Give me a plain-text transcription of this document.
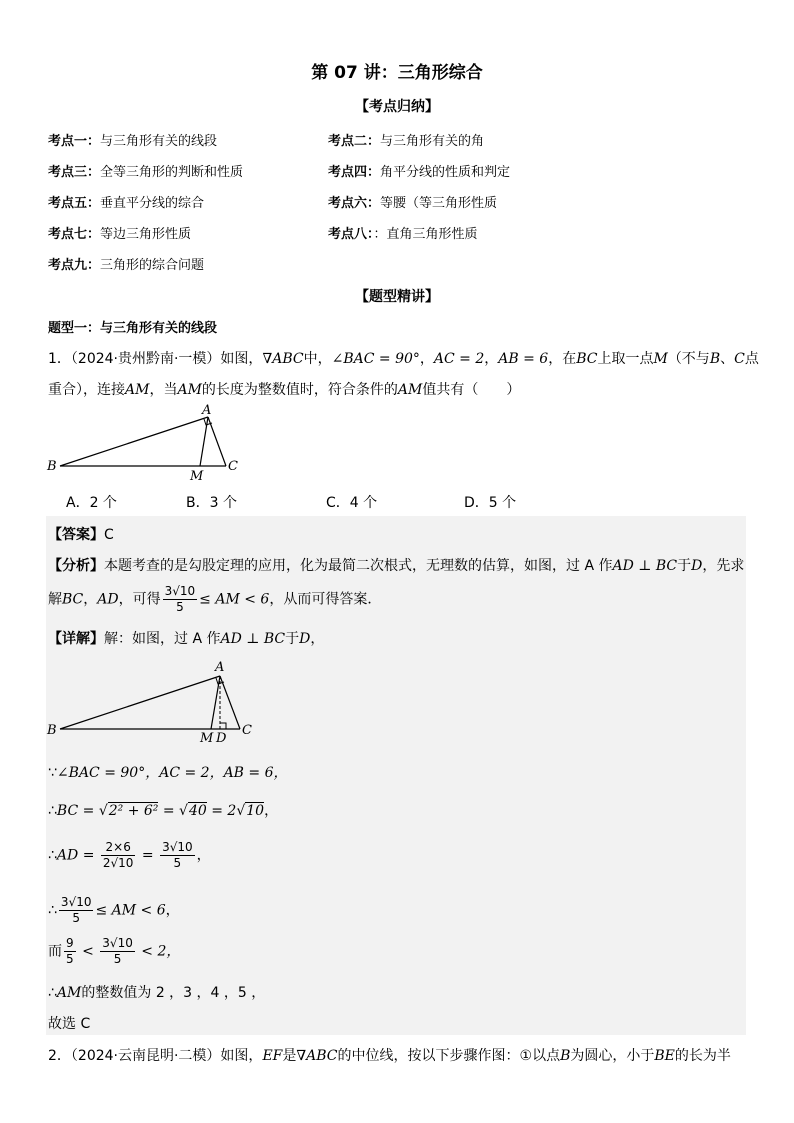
第 07 讲：三角形综合
【考点归纳】
考点一：与三角形有关的线段	考点二：与三角形有关的角
考点三：全等三角形的判断和性质	考点四：角平分线的性质和判定
考点五：垂直平分线的综合	考点六：等腰（等三角形性质
考点七：等边三角形性质	考点八：：直角三角形性质
考点九：三角形的综合问题
【题型精讲】
题型一：与三角形有关的线段
1．（2024·贵州黔南·一模）如图，∇ABC中，∠BAC = 90°，AC = 2，AB = 6，在BC上取一点M（不与B、C点
重合），连接AM，当AM的长度为整数值时，符合条件的AM值共有（　　）
A
B	C
M
A．2 个	B．3 个	C．4 个	D．5 个
【答案】C
【分析】本题考查的是勾股定理的应用，化为最简二次根式，无理数的估算，如图，过 A 作AD ⊥ BC于D，先求
解BC，AD，可得 $\frac{3√10}{5}$ ≤ AM < 6，从而可得答案．
【详解】解：如图，过 A 作AD ⊥ BC于D，
A
B	C
M D
∵∠BAC = 90°，AC = 2，AB = 6，
∴BC = √2² + 6² = √40 = 2√10，
∴AD = $\frac{2\times 6}{2√10} = \frac{3√10}{5}$ ，
∴ $\frac{3√10}{5}$ ≤ AM < 6，
而 $\frac{9}{5} < \frac{3√10}{5} < 2$，
∴AM的整数值为 2 ，3 ，4 ，5 ，
故选 C
2．（2024·云南昆明·二模）如图，EF是∇ABC的中位线，按以下步骤作图：①以点B为圆心，小于BE的长为半
